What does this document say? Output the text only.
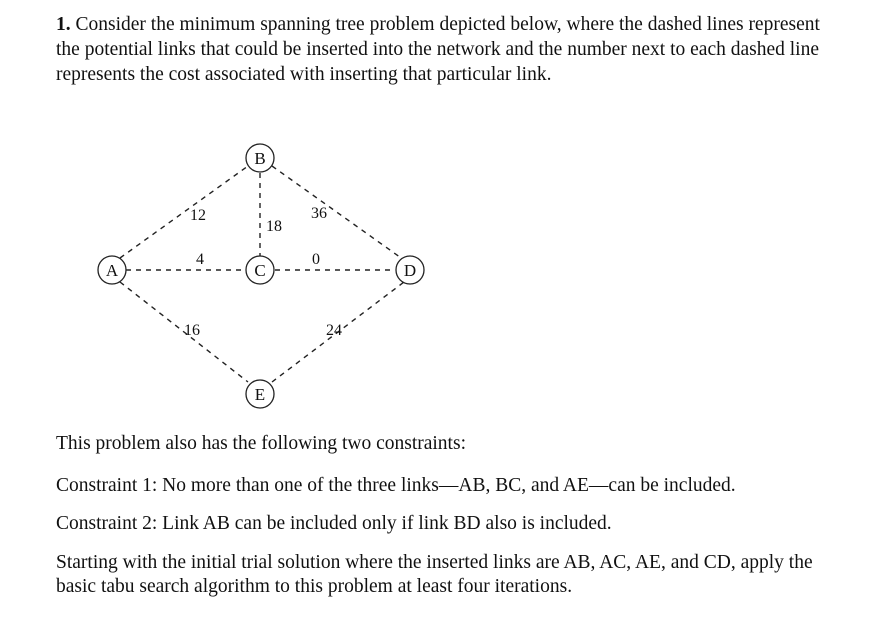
1. Consider the minimum spanning tree problem depicted below, where the dashed lines represent the potential links that could be inserted into the network and the number next to each dashed line represents the cost associated with inserting that particular link.
A
B
C	D
E
12
4
16
18
36
0
24
This problem also has the following two constraints:
Constraint 1: No more than one of the three links—AB, BC, and AE—can be included.
Constraint 2: Link AB can be included only if link BD also is included.
Starting with the initial trial solution where the inserted links are AB, AC, AE, and CD, apply the basic tabu search algorithm to this problem at least four iterations.
